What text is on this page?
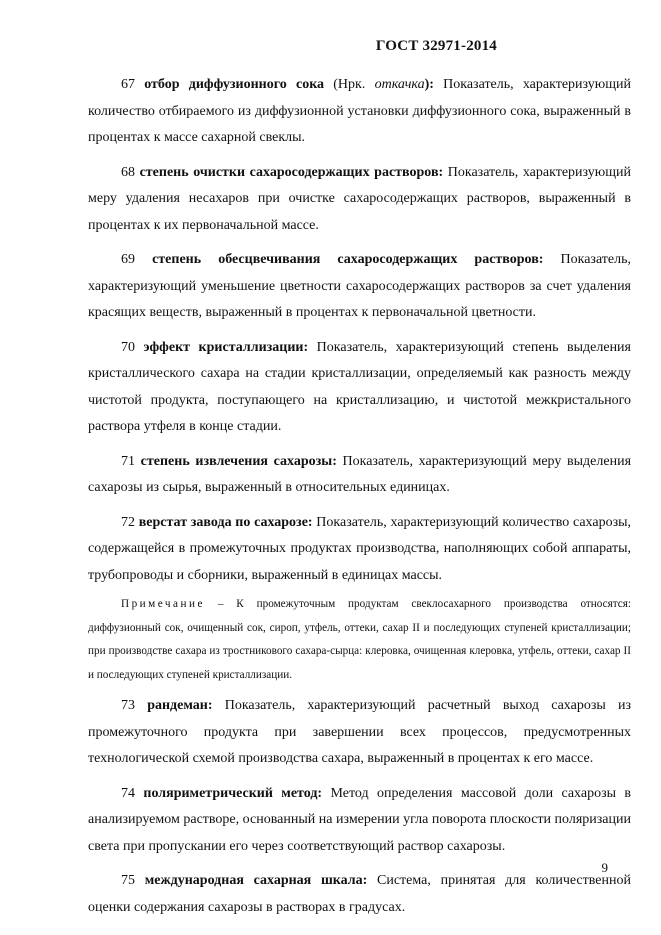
ГОСТ 32971-2014

67 отбор диффузионного сока (Нрк. откачка): Показатель, характеризующий количество отбираемого из диффузионной установки диффузионного сока, выраженный в процентах к массе сахарной свеклы.

68 степень очистки сахаросодержащих растворов: Показатель, характеризующий меру удаления несахаров при очистке сахаросодержащих растворов, выраженный в процентах к их первоначальной массе.

69 степень обесцвечивания сахаросодержащих растворов: Показатель, характеризующий уменьшение цветности сахаросодержащих растворов за счет удаления красящих веществ, выраженный в процентах к первоначальной цветности.

70 эффект кристаллизации: Показатель, характеризующий степень выделения кристаллического сахара на стадии кристаллизации, определяемый как разность между чистотой продукта, поступающего на кристаллизацию, и чистотой межкристального раствора утфеля в конце стадии.

71 степень извлечения сахарозы: Показатель, характеризующий меру выделения сахарозы из сырья, выраженный в относительных единицах.

72 верстат завода по сахарозе: Показатель, характеризующий количество сахарозы, содержащейся в промежуточных продуктах производства, наполняющих собой аппараты, трубопроводы и сборники, выраженный в единицах массы.

Примечание – К промежуточным продуктам свеклосахарного производства относятся: диффузионный сок, очищенный сок, сироп, утфель, оттеки, сахар II и последующих ступеней кристаллизации; при производстве сахара из тростникового сахара-сырца: клеровка, очищенная клеровка, утфель, оттеки, сахар II и последующих ступеней кристаллизации.

73 рандеман: Показатель, характеризующий расчетный выход сахарозы из промежуточного продукта при завершении всех процессов, предусмотренных технологической схемой производства сахара, выраженный в процентах к его массе.

74 поляриметрический метод: Метод определения массовой доли сахарозы в анализируемом растворе, основанный на измерении угла поворота плоскости поляризации света при пропускании его через соответствующий раствор сахарозы.

75 международная сахарная шкала: Система, принятая для количественной оценки содержания сахарозы в растворах в градусах.

9
